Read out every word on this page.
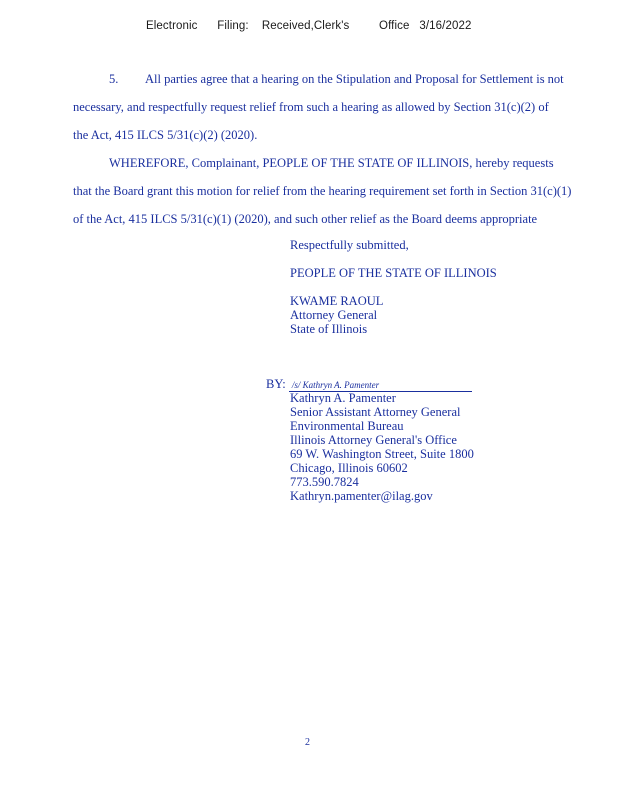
Electronic Filing: Received,Clerk's	Office 3/16/2022
5. All parties agree that a hearing on the Stipulation and Proposal for Settlement is not
necessary, and respectfully request relief from such a hearing as allowed by Section 31(c)(2) of
the Act, 415 ILCS 5/31(c)(2) (2020).
WHEREFORE, Complainant, PEOPLE OF THE STATE OF ILLINOIS, hereby requests
that the Board grant this motion for relief from the hearing requirement set forth in Section 31(c)(1)
of the Act, 415 ILCS 5/31(c)(1) (2020), and such other relief as the Board deems appropriate
Respectfully submitted,
PEOPLE OF THE STATE OF ILLINOIS
KWAME RAOUL
Attorney General
State of Illinois
BY: /s/ Kathryn A. Pamenter
Kathryn A. Pamenter
Senior Assistant Attorney General
Environmental Bureau
Illinois Attorney General's Office
69 W. Washington Street, Suite 1800
Chicago, Illinois 60602
773.590.7824
Kathryn.pamenter@ilag.gov
2
